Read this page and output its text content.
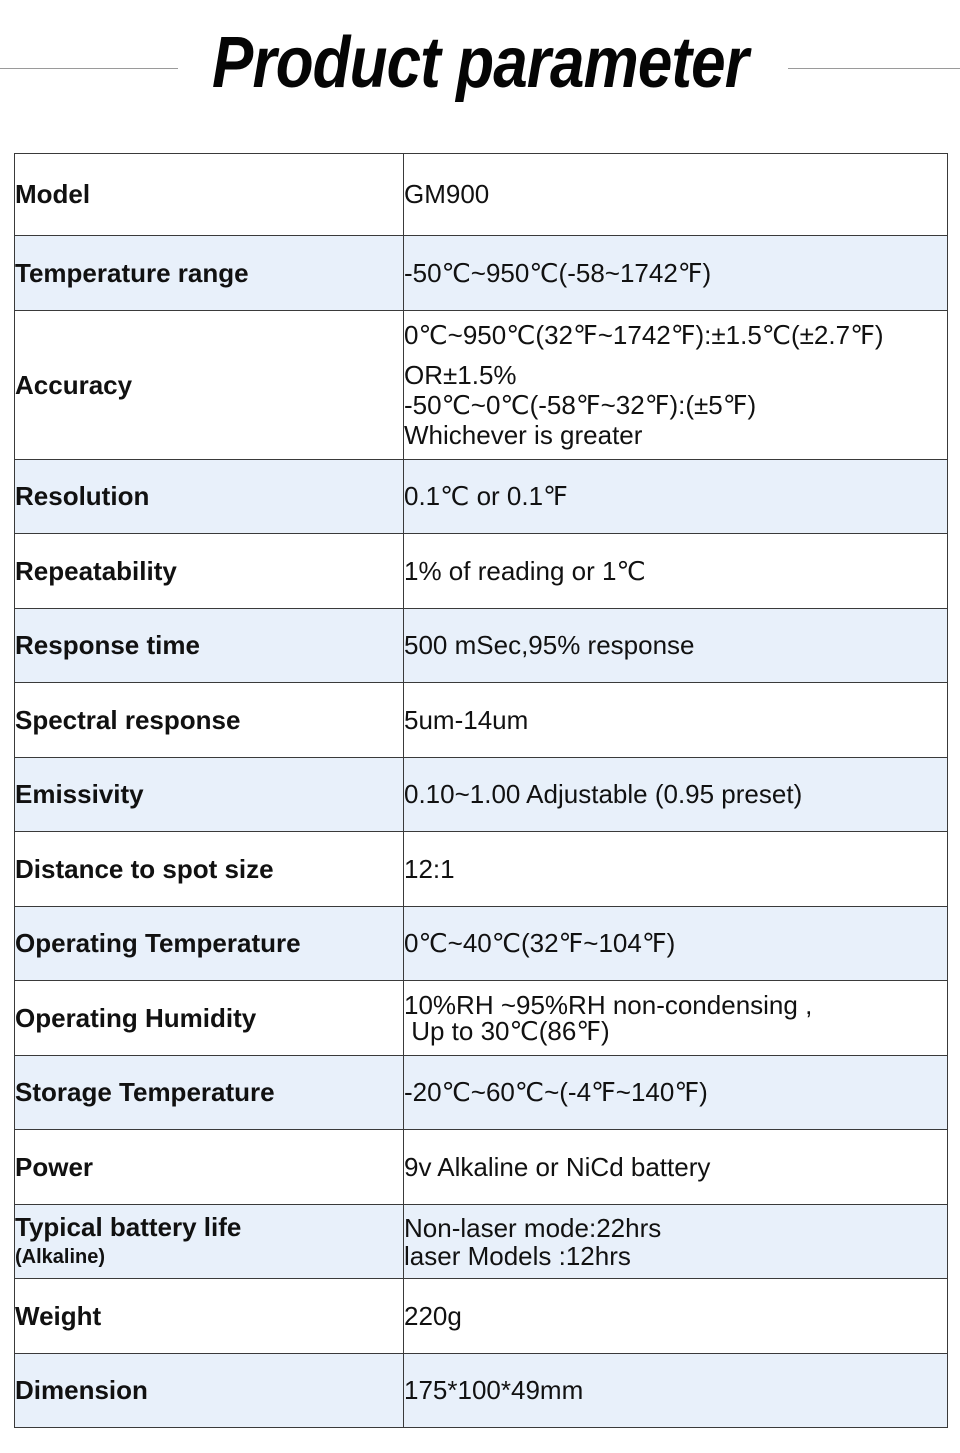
Product parameter
Model	GM900
Temperature range	-50℃~950℃(-58~1742℉)
Accuracy	0℃~950℃(32℉~1742℉):±1.5℃(±2.7℉)
OR±1.5%
-50℃~0℃(-58℉~32℉):(±5℉)
Whichever is greater

Resolution	0.1℃ or 0.1℉
Repeatability	1% of reading or 1℃
Response time	500 mSec,95% response
Spectral response	5um-14um
Emissivity	0.10~1.00 Adjustable (0.95 preset)
Distance to spot size	12:1
Operating Temperature	0℃~40℃(32℉~104℉)
Operating Humidity	10%RH ~95%RH non-condensing ,
Up to 30℃(86℉)

Storage Temperature	-20℃~60℃~(-4℉~140℉)
Power	9v Alkaline or NiCd battery

Typical battery life
(Alkaline)	Non-laser mode:22hrs
laser Models :12hrs

Weight	220g
Dimension	175*100*49mm
